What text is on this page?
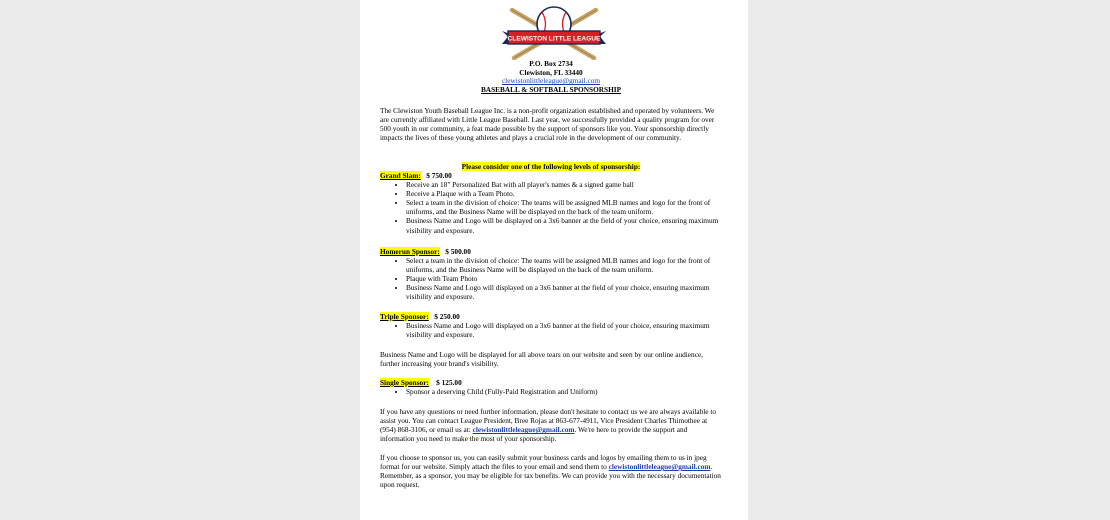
CLEWISTON LITTLE LEAGUE
P.O. Box 2734
Clewiston, FL 33440
clewistonlittleleague@gmail.com
BASEBALL & SOFTBALL SPONSORSHIP

The Clewiston Youth Baseball League Inc. is a non-profit organization established and operated by volunteers. We are currently affiliated with Little League Baseball. Last year, we successfully provided a quality program for over 500 youth in our community, a feat made possible by the support of sponsors like you. Your sponsorship directly impacts the lives of these young athletes and plays a crucial role in the development of our community.

Please consider one of the following levels of sponsorship:
Grand Slam: $ 750.00
• Receive an 18" Personalized Bat with all player's names & a signed game ball
• Receive a Plaque with a Team Photo.
• Select a team in the division of choice: The teams will be assigned MLB names and logo for the front of uniforms, and the Business Name will be displayed on the back of the team uniform.
• Business Name and Logo will be displayed on a 3x6 banner at the field of your choice, ensuring maximum visibility and exposure.
Homerun Sponsor: $ 500.00
• Select a team in the division of choice: The teams will be assigned MLB names and logo for the front of uniforms, and the Business Name will be displayed on the back of the team uniform.
• Plaque with Team Photo
• Business Name and Logo will displayed on a 3x6 banner at the field of your choice, ensuring maximum visibility and exposure.
Triple Sponsor: $ 250.00
• Business Name and Logo will displayed on a 3x6 banner at the field of your choice, ensuring maximum visibility and exposure.

Business Name and Logo will be displayed for all above tears on our website and seen by our online audience, further increasing your brand's visibility.

Single Sponsor: $ 125.00
• Sponsor a deserving Child (Fully-Paid Registration and Uniform)

If you have any questions or need further information, please don't hesitate to contact us we are always available to assist you. You can contact League President, Bree Rojas at 863-677-4911, Vice President Charles Thimothee at (954) 868-3106, or email us at: clewistonlittleleague@gmail.com. We're here to provide the support and information you need to make the most of your sponsorship.

If you choose to sponsor us, you can easily submit your business cards and logos by emailing them to us in jpeg format for our website. Simply attach the files to your email and send them to clewistonlittleleague@gmail.com. Remember, as a sponsor, you may be eligible for tax benefits. We can provide you with the necessary documentation upon request.
